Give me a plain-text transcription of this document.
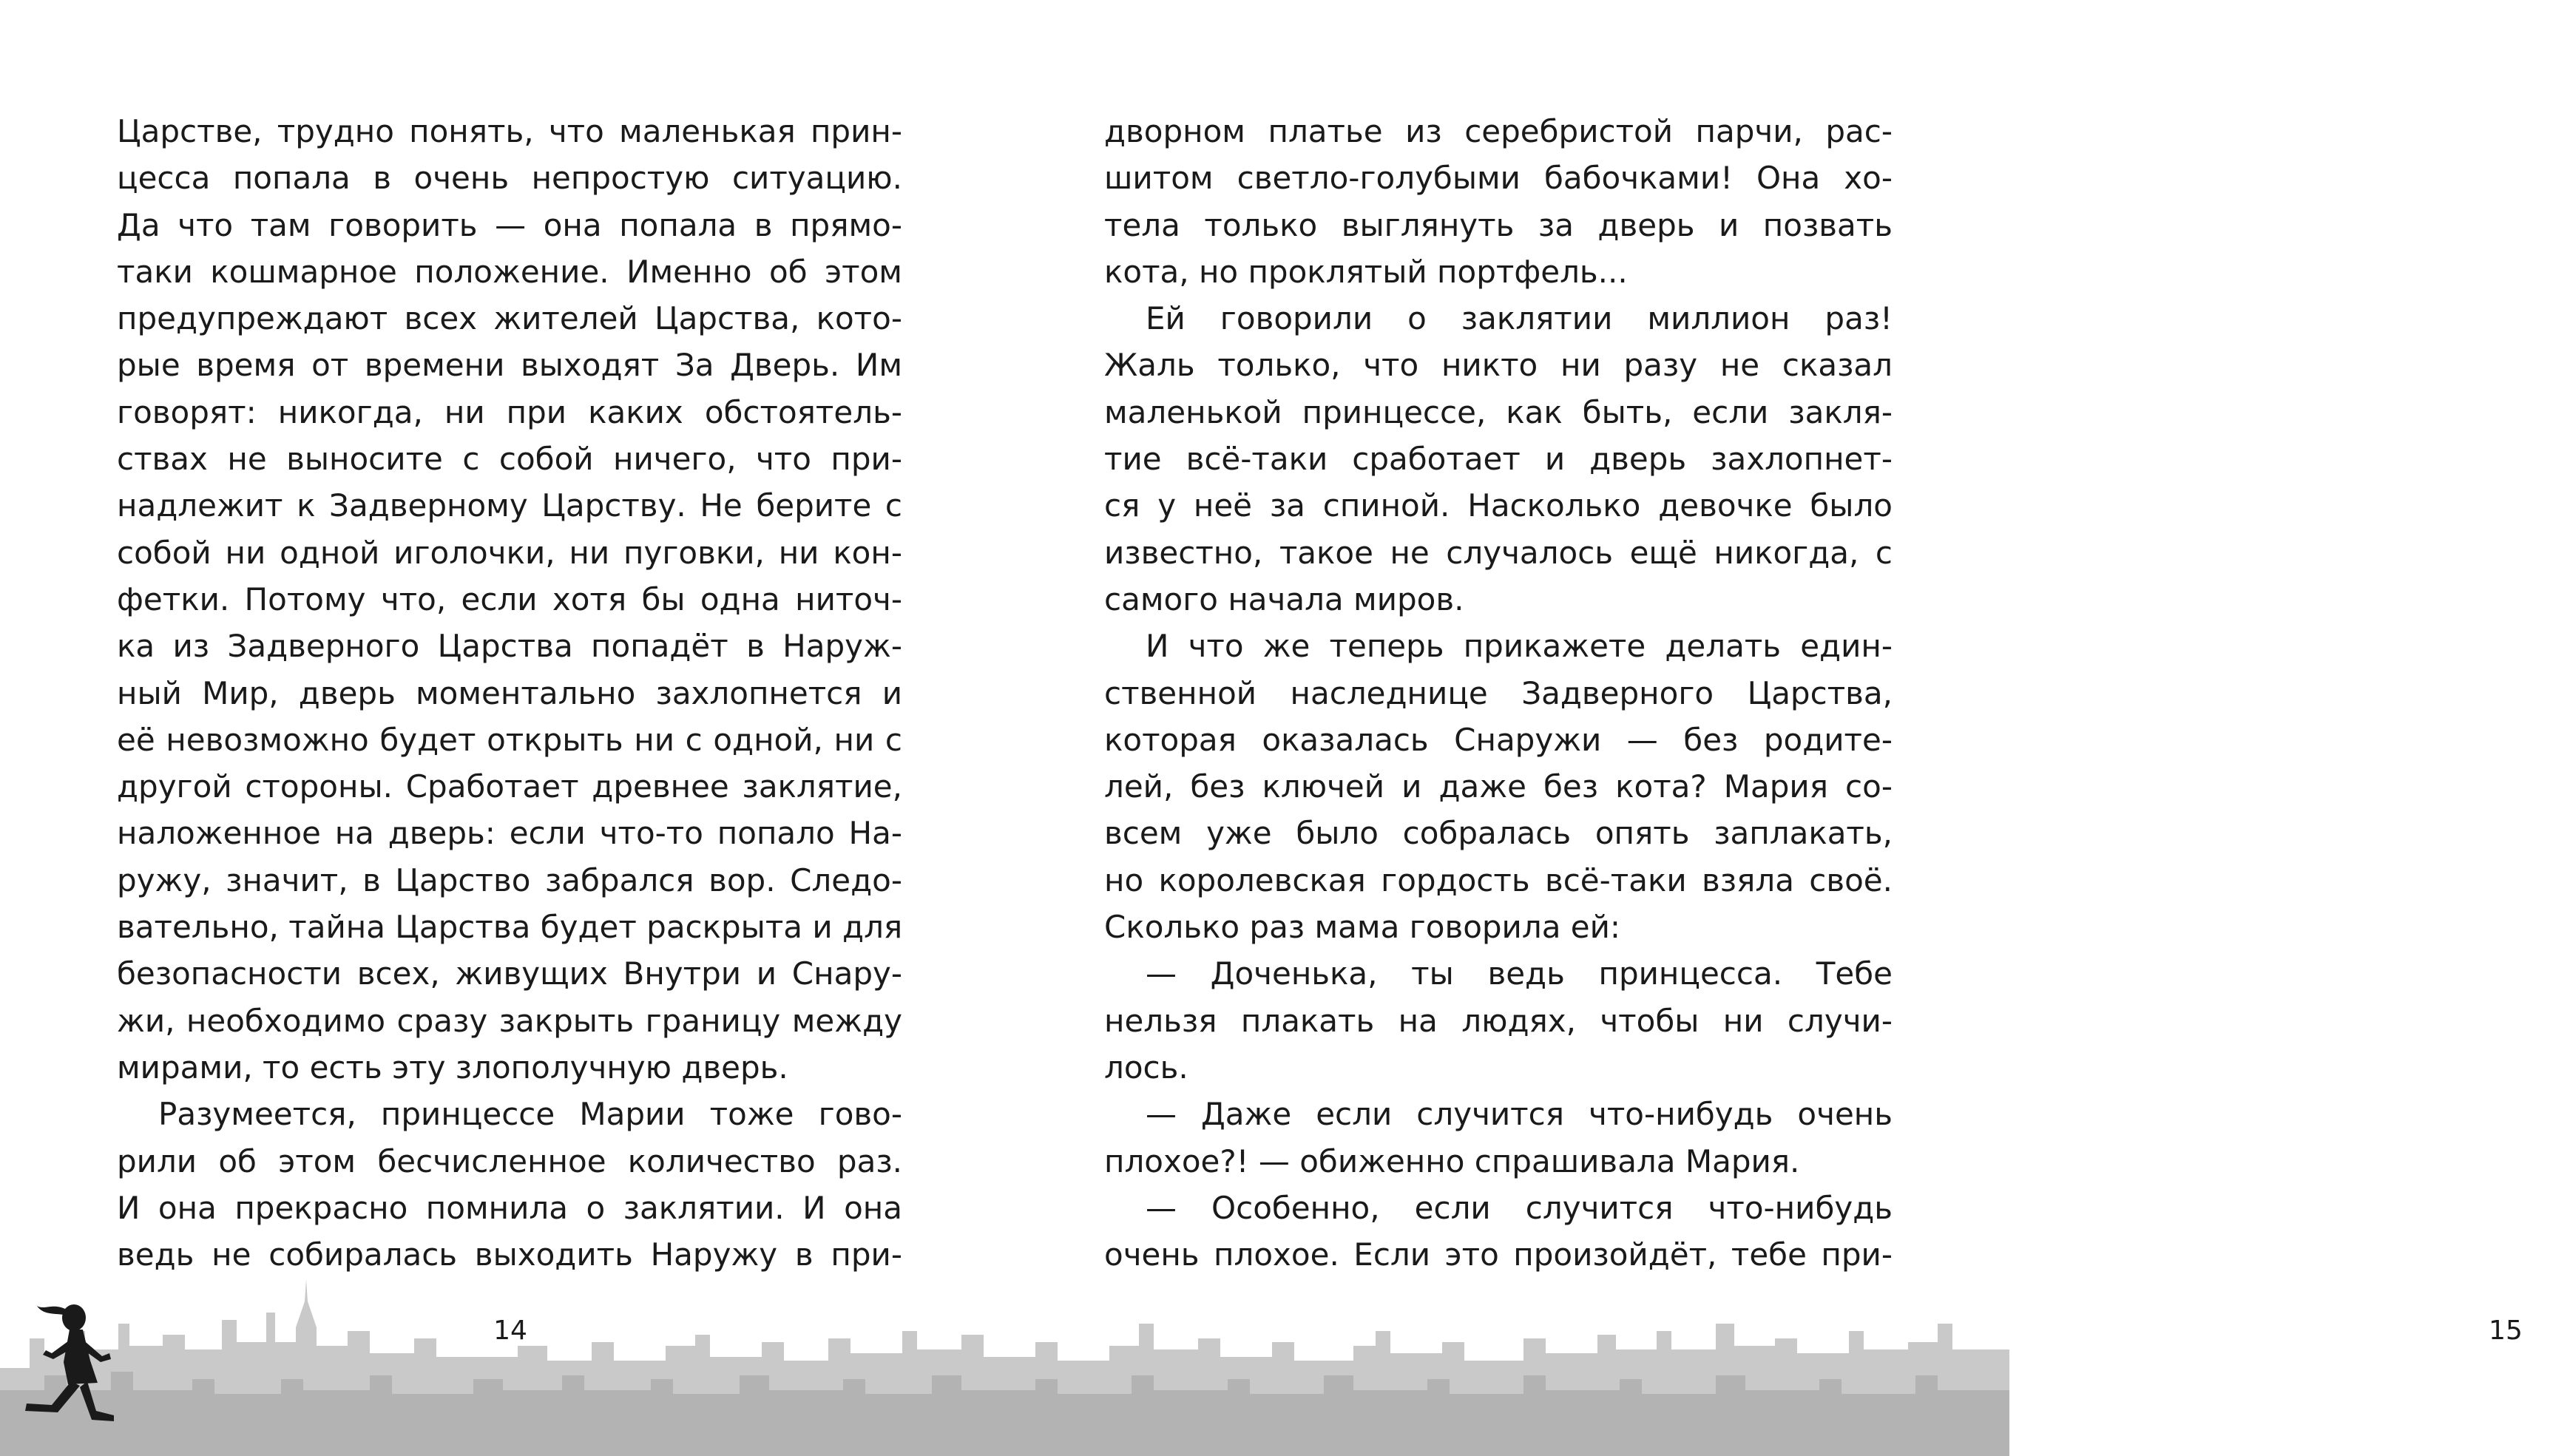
Царстве, трудно понять, что маленькая прин-
цесса попала в очень непростую ситуацию.
Да что там говорить — она попала в прямо-
таки кошмарное положение. Именно об этом
предупреждают всех жителей Царства, кото-
рые время от времени выходят За Дверь. Им
говорят: никогда, ни при каких обстоятель-
ствах не выносите с собой ничего, что при-
надлежит к Задверному Царству. Не берите с
собой ни одной иголочки, ни пуговки, ни кон-
фетки. Потому что, если хотя бы одна ниточ-
ка из Задверного Царства попадёт в Наруж-
ный Мир, дверь моментально захлопнется и
её невозможно будет открыть ни с одной, ни с
другой стороны. Сработает древнее заклятие,
наложенное на дверь: если что-то попало На-
ружу, значит, в Царство забрался вор. Следо-
вательно, тайна Царства будет раскрыта и для
безопасности всех, живущих Внутри и Снару-
жи, необходимо сразу закрыть границу между
мирами, то есть эту злополучную дверь.
Разумеется, принцессе Марии тоже гово-
рили об этом бесчисленное количество раз.
И она прекрасно помнила о заклятии. И она
ведь не собиралась выходить Наружу в при-
14
дворном платье из серебристой парчи, рас-
шитом светло-голубыми бабочками! Она хо-
тела только выглянуть за дверь и позвать
кота, но проклятый портфель...
Ей говорили о заклятии миллион раз!
Жаль только, что никто ни разу не сказал
маленькой принцессе, как быть, если закля-
тие всё-таки сработает и дверь захлопнет-
ся у неё за спиной. Насколько девочке было
известно, такое не случалось ещё никогда, с
самого начала миров.
И что же теперь прикажете делать един-
ственной наследнице Задверного Царства,
которая оказалась Снаружи — без родите-
лей, без ключей и даже без кота? Мария со-
всем уже было собралась опять заплакать,
но королевская гордость всё-таки взяла своё.
Сколько раз мама говорила ей:
— Доченька, ты ведь принцесса. Тебе
нельзя плакать на людях, чтобы ни случи-
лось.
— Даже если случится что-нибудь очень
плохое?! — обиженно спрашивала Мария.
— Особенно, если случится что-нибудь
очень плохое. Если это произойдёт, тебе при-
15
